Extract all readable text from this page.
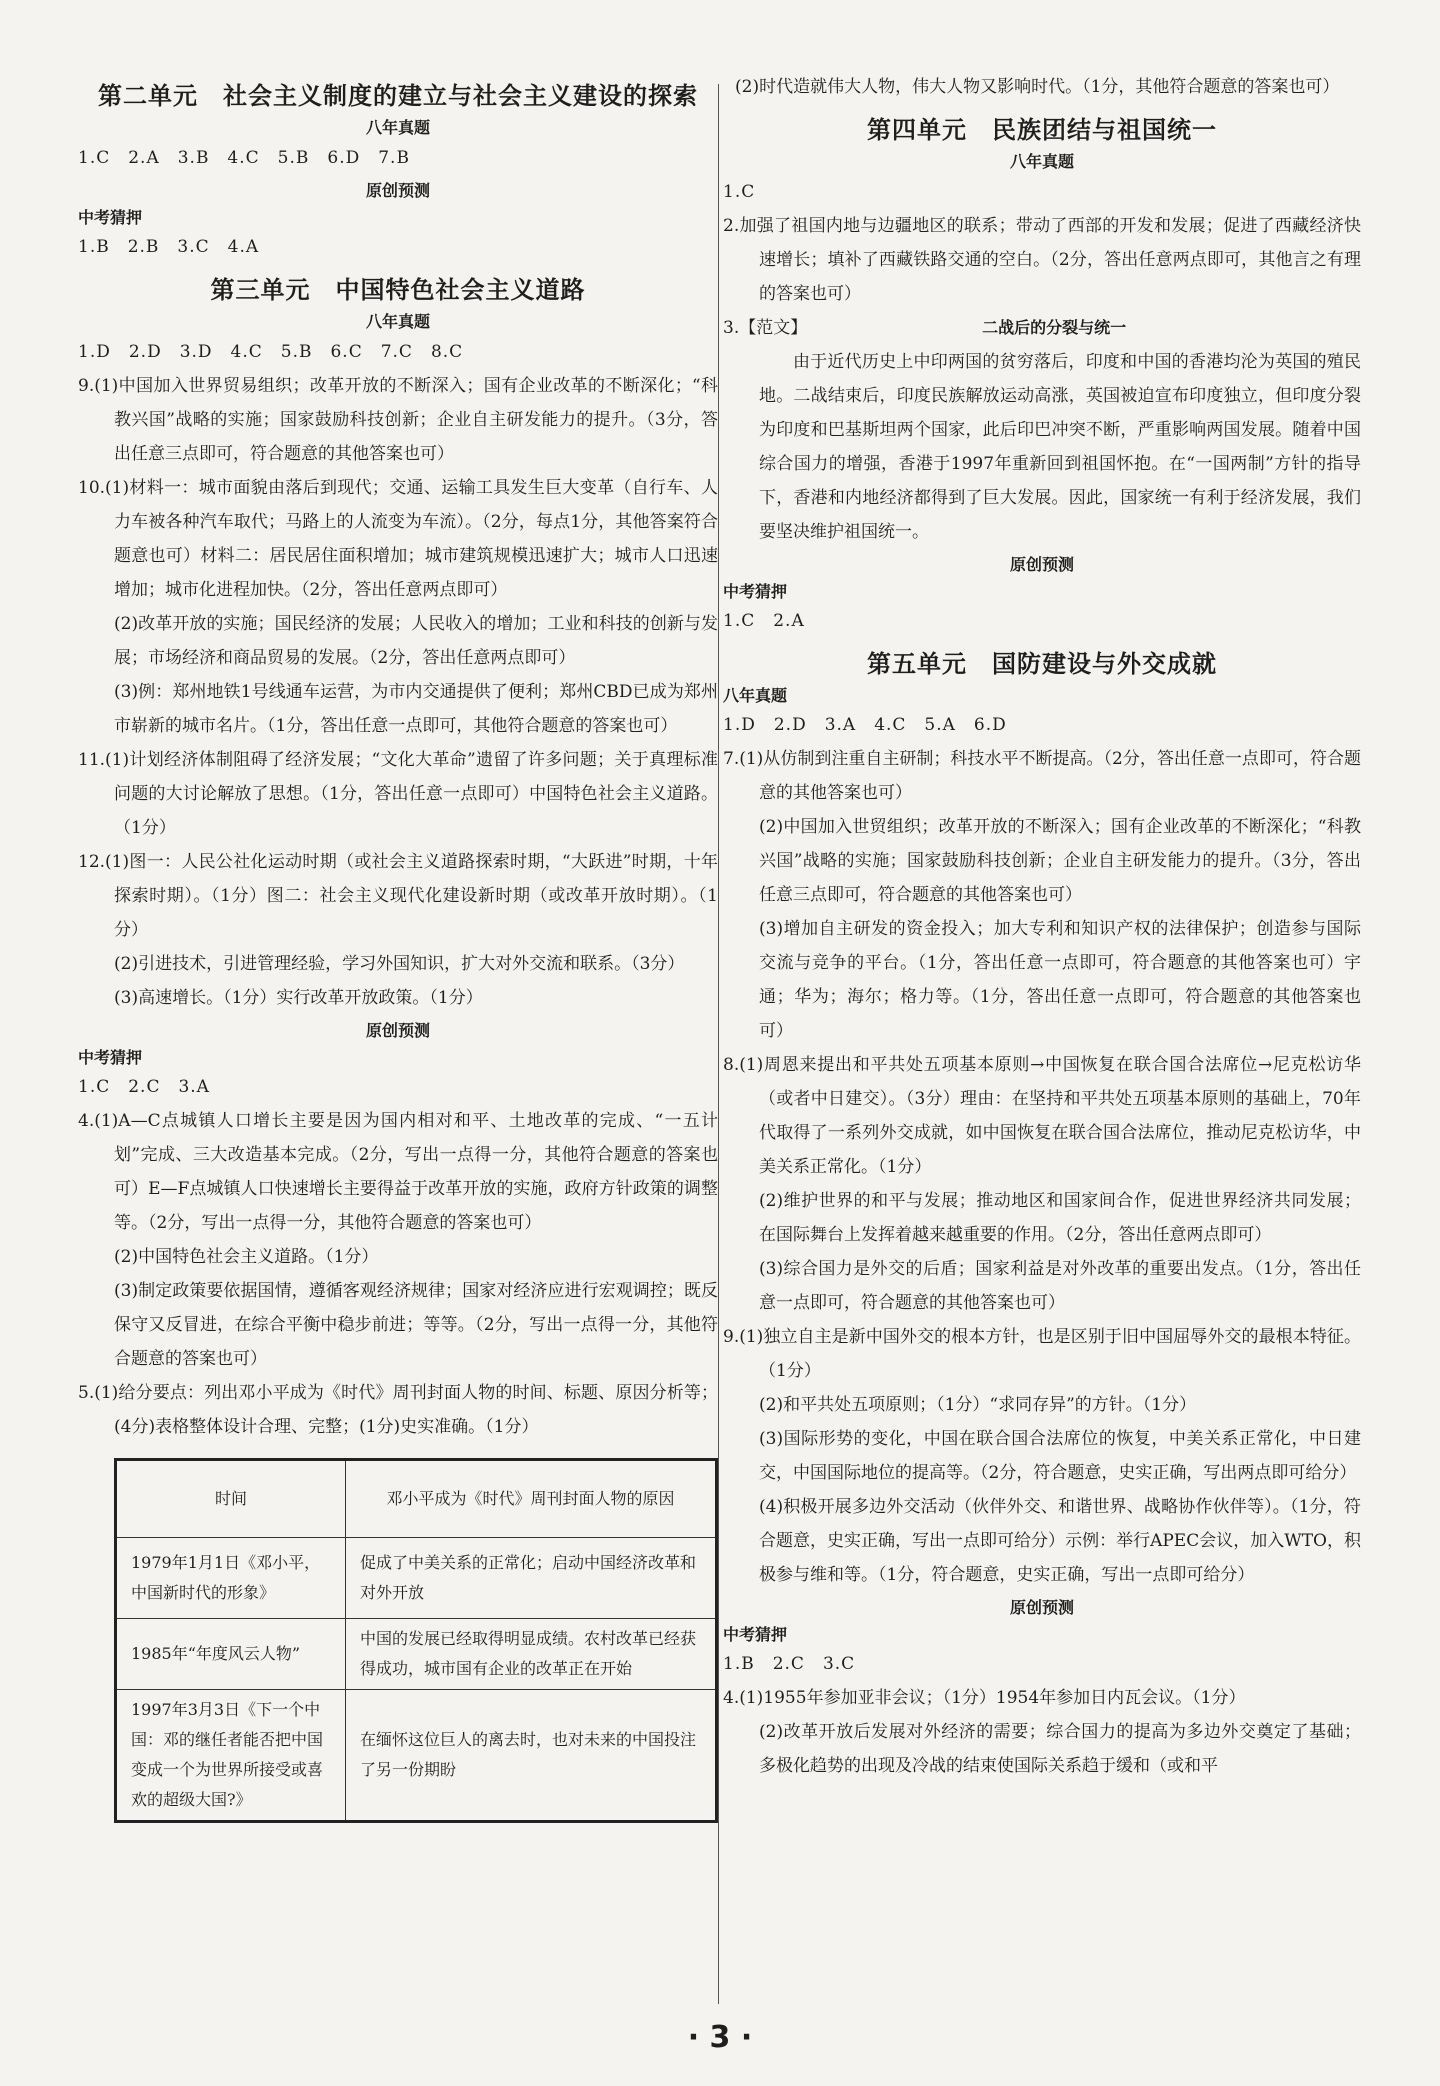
第二单元　社会主义制度的建立与社会主义建设的探索
八年真题

1.C　2.A　3.B　4.C　5.B　6.D　7.B

原创预测
中考猜押

1.B　2.B　3.C　4.A

第三单元　中国特色社会主义道路
八年真题

1.D　2.D　3.D　4.C　5.B　6.C　7.C　8.C

9.(1)中国加入世界贸易组织；改革开放的不断深入；国有企业改革的不断深化；“科教兴国”战略的实施；国家鼓励科技创新；企业自主研发能力的提升。（3分，答出任意三点即可，符合题意的其他答案也可）

10.(1)材料一：城市面貌由落后到现代；交通、运输工具发生巨大变革（自行车、人力车被各种汽车取代；马路上的人流变为车流）。（2分，每点1分，其他答案符合题意也可）材料二：居民居住面积增加；城市建筑规模迅速扩大；城市人口迅速增加；城市化进程加快。（2分，答出任意两点即可）

(2)改革开放的实施；国民经济的发展；人民收入的增加；工业和科技的创新与发展；市场经济和商品贸易的发展。（2分，答出任意两点即可）

(3)例：郑州地铁1号线通车运营，为市内交通提供了便利；郑州CBD已成为郑州市崭新的城市名片。（1分，答出任意一点即可，其他符合题意的答案也可）

11.(1)计划经济体制阻碍了经济发展；“文化大革命”遗留了许多问题；关于真理标准问题的大讨论解放了思想。（1分，答出任意一点即可）中国特色社会主义道路。（1分）

12.(1)图一：人民公社化运动时期（或社会主义道路探索时期，“大跃进”时期，十年探索时期）。（1分）图二：社会主义现代化建设新时期（或改革开放时期）。（1分）

(2)引进技术，引进管理经验，学习外国知识，扩大对外交流和联系。（3分）

(3)高速增长。（1分）实行改革开放政策。（1分）

原创预测
中考猜押

1.C　2.C　3.A

4.(1)A—C点城镇人口增长主要是因为国内相对和平、土地改革的完成、“一五计划”完成、三大改造基本完成。（2分，写出一点得一分，其他符合题意的答案也可）E—F点城镇人口快速增长主要得益于改革开放的实施，政府方针政策的调整等。（2分，写出一点得一分，其他符合题意的答案也可）

(2)中国特色社会主义道路。（1分）

(3)制定政策要依据国情，遵循客观经济规律；国家对经济应进行宏观调控；既反保守又反冒进，在综合平衡中稳步前进；等等。（2分，写出一点得一分，其他符合题意的答案也可）

5.(1)给分要点：列出邓小平成为《时代》周刊封面人物的时间、标题、原因分析等；(4分)表格整体设计合理、完整；(1分)史实准确。（1分）

时间	邓小平成为《时代》周刊封面人物的原因
1979年1月1日《邓小平，中国新时代的形象》	促成了中美关系的正常化；启动中国经济改革和对外开放
1985年“年度风云人物”	中国的发展已经取得明显成绩。农村改革已经获得成功，城市国有企业的改革正在开始
1997年3月3日《下一个中国：邓的继任者能否把中国变成一个为世界所接受或喜欢的超级大国?》	在缅怀这位巨人的离去时，也对未来的中国投注了另一份期盼

(2)时代造就伟大人物，伟大人物又影响时代。（1分，其他符合题意的答案也可）

第四单元　民族团结与祖国统一
八年真题

1.C

2.加强了祖国内地与边疆地区的联系；带动了西部的开发和发展；促进了西藏经济快速增长；填补了西藏铁路交通的空白。（2分，答出任意两点即可，其他言之有理的答案也可）

3.【范文】	二战后的分裂与统一

由于近代历史上中印两国的贫穷落后，印度和中国的香港均沦为英国的殖民地。二战结束后，印度民族解放运动高涨，英国被迫宣布印度独立，但印度分裂为印度和巴基斯坦两个国家，此后印巴冲突不断，严重影响两国发展。随着中国综合国力的增强，香港于1997年重新回到祖国怀抱。在“一国两制”方针的指导下，香港和内地经济都得到了巨大发展。因此，国家统一有利于经济发展，我们要坚决维护祖国统一。

原创预测
中考猜押

1.C　2.A

第五单元　国防建设与外交成就
八年真题

1.D　2.D　3.A　4.C　5.A　6.D

7.(1)从仿制到注重自主研制；科技水平不断提高。（2分，答出任意一点即可，符合题意的其他答案也可）

(2)中国加入世贸组织；改革开放的不断深入；国有企业改革的不断深化；“科教兴国”战略的实施；国家鼓励科技创新；企业自主研发能力的提升。（3分，答出任意三点即可，符合题意的其他答案也可）

(3)增加自主研发的资金投入；加大专利和知识产权的法律保护；创造参与国际交流与竞争的平台。（1分，答出任意一点即可，符合题意的其他答案也可）宇通；华为；海尔；格力等。（1分，答出任意一点即可，符合题意的其他答案也可）

8.(1)周恩来提出和平共处五项基本原则→中国恢复在联合国合法席位→尼克松访华（或者中日建交）。（3分）理由：在坚持和平共处五项基本原则的基础上，70年代取得了一系列外交成就，如中国恢复在联合国合法席位，推动尼克松访华，中美关系正常化。（1分）

(2)维护世界的和平与发展；推动地区和国家间合作，促进世界经济共同发展；在国际舞台上发挥着越来越重要的作用。（2分，答出任意两点即可）

(3)综合国力是外交的后盾；国家利益是对外改革的重要出发点。（1分，答出任意一点即可，符合题意的其他答案也可）

9.(1)独立自主是新中国外交的根本方针，也是区别于旧中国屈辱外交的最根本特征。（1分）

(2)和平共处五项原则；（1分）“求同存异”的方针。（1分）

(3)国际形势的变化，中国在联合国合法席位的恢复，中美关系正常化，中日建交，中国国际地位的提高等。（2分，符合题意，史实正确，写出两点即可给分）

(4)积极开展多边外交活动（伙伴外交、和谐世界、战略协作伙伴等）。（1分，符合题意，史实正确，写出一点即可给分）示例：举行APEC会议，加入WTO，积极参与维和等。（1分，符合题意，史实正确，写出一点即可给分）

原创预测
中考猜押

1.B　2.C　3.C

4.(1)1955年参加亚非会议；（1分）1954年参加日内瓦会议。（1分）

(2)改革开放后发展对外经济的需要；综合国力的提高为多边外交奠定了基础；多极化趋势的出现及冷战的结束使国际关系趋于缓和（或和平

· 3 ·
